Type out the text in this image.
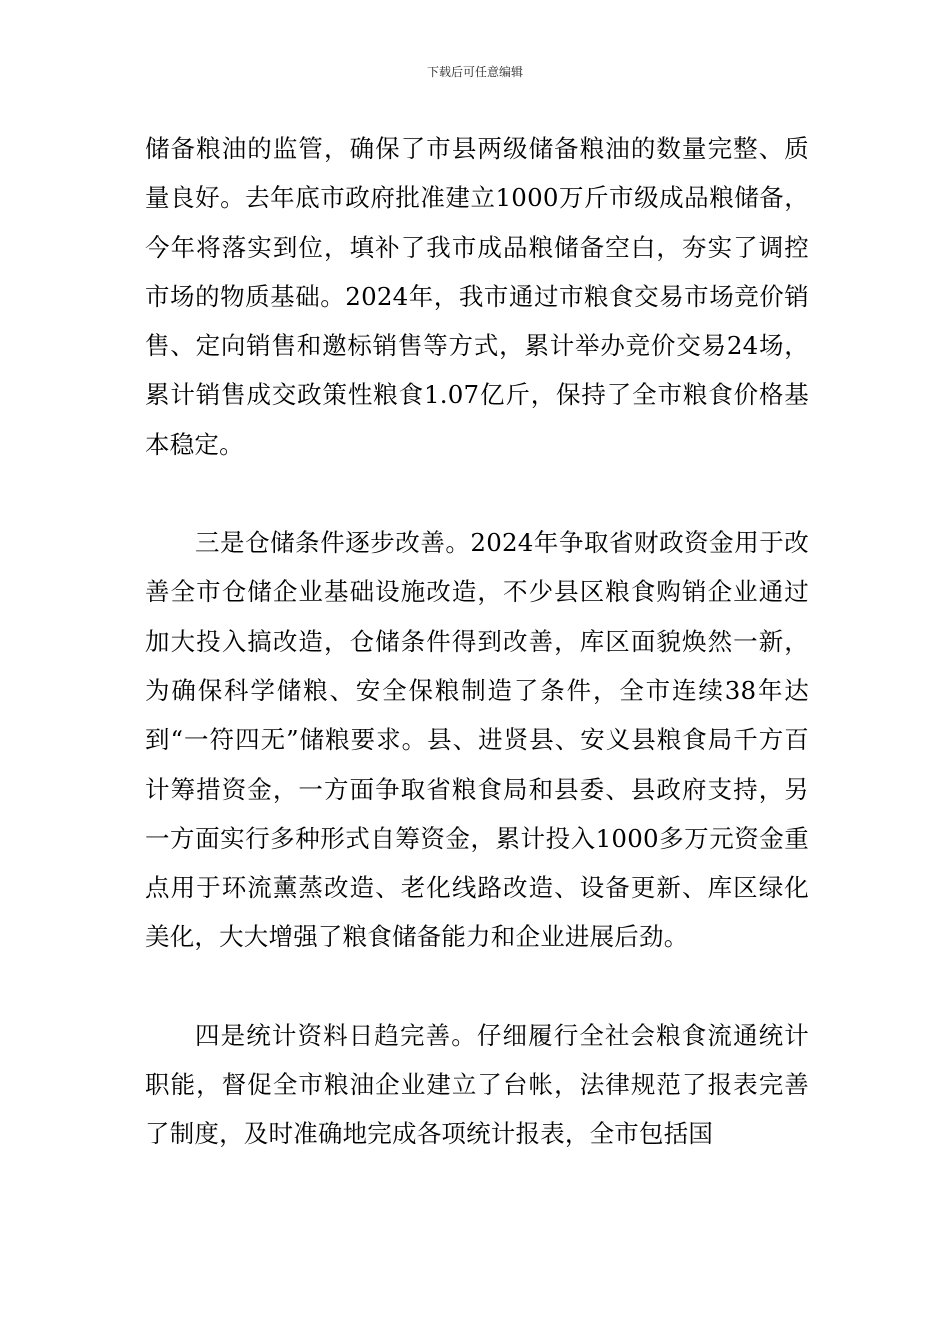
下载后可任意编辑

储备粮油的监管，确保了市县两级储备粮油的数量完整、质量良好。去年底市政府批准建立1000万斤市级成品粮储备，今年将落实到位，填补了我市成品粮储备空白，夯实了调控市场的物质基础。2024年，我市通过市粮食交易市场竞价销售、定向销售和邀标销售等方式，累计举办竞价交易24场，累计销售成交政策性粮食1.07亿斤，保持了全市粮食价格基本稳定。

三是仓储条件逐步改善。2024年争取省财政资金用于改善全市仓储企业基础设施改造，不少县区粮食购销企业通过加大投入搞改造，仓储条件得到改善，库区面貌焕然一新，为确保科学储粮、安全保粮制造了条件，全市连续38年达到“一符四无”储粮要求。县、进贤县、安义县粮食局千方百计筹措资金，一方面争取省粮食局和县委、县政府支持，另一方面实行多种形式自筹资金，累计投入1000多万元资金重点用于环流薰蒸改造、老化线路改造、设备更新、库区绿化美化，大大增强了粮食储备能力和企业进展后劲。

四是统计资料日趋完善。仔细履行全社会粮食流通统计职能，督促全市粮油企业建立了台帐，法律规范了报表完善了制度，及时准确地完成各项统计报表，全市包括国
